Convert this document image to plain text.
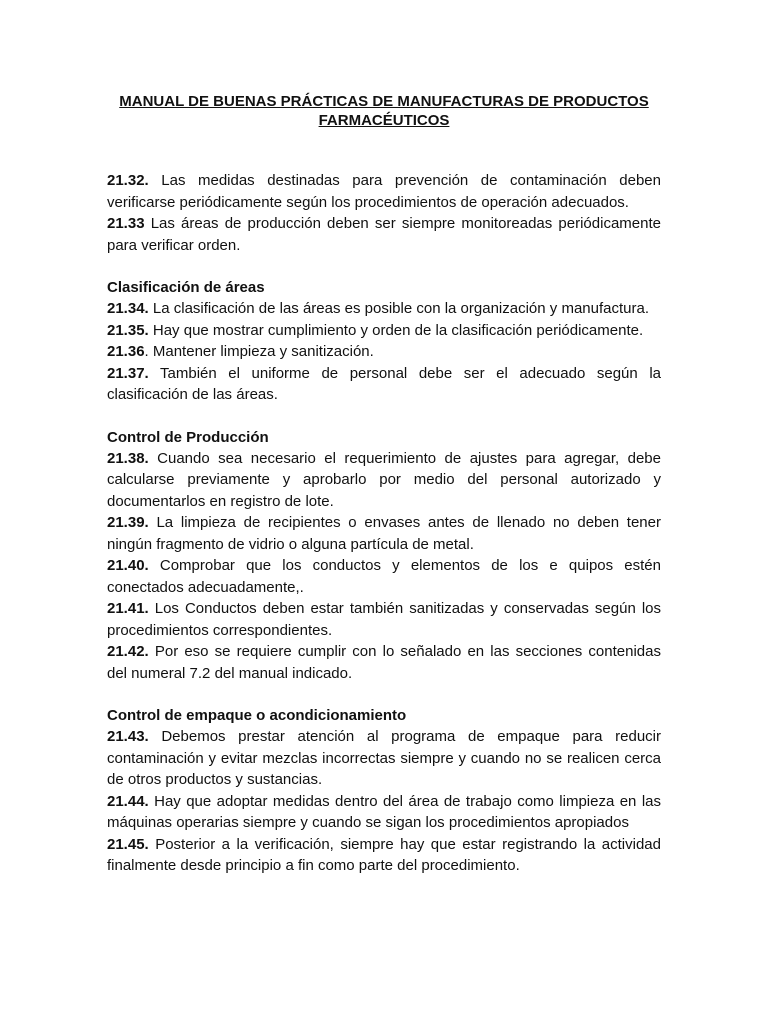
MANUAL DE BUENAS PRÁCTICAS DE MANUFACTURAS DE PRODUCTOS
FARMACÉUTICOS

21.32. Las medidas destinadas para prevención de contaminación deben verificarse periódicamente según los procedimientos de operación adecuados.

21.33 Las áreas de producción deben ser siempre monitoreadas periódicamente para verificar orden.

Clasificación de áreas

21.34. La clasificación de las áreas es posible con la organización y manufactura.

21.35. Hay que mostrar cumplimiento y orden de la clasificación periódicamente.

21.36. Mantener limpieza y sanitización.

21.37. También el uniforme de personal debe ser el adecuado según la clasificación de las áreas.

Control de Producción

21.38. Cuando sea necesario el requerimiento de ajustes para agregar, debe calcularse previamente y aprobarlo por medio del personal autorizado y documentarlos en registro de lote.

21.39. La limpieza de recipientes o envases antes de llenado no deben tener ningún fragmento de vidrio o alguna partícula de metal.

21.40. Comprobar que los conductos y elementos de los e quipos estén conectados adecuadamente,.

21.41. Los Conductos deben estar también sanitizadas y conservadas según los procedimientos correspondientes.

21.42. Por eso se requiere cumplir con lo señalado en las secciones contenidas del numeral 7.2 del manual indicado.

Control de empaque o acondicionamiento

21.43. Debemos prestar atención al programa de empaque para reducir contaminación y evitar mezclas incorrectas siempre y cuando no se realicen cerca de otros productos y sustancias.

21.44. Hay que adoptar medidas dentro del área de trabajo como limpieza en las máquinas operarias siempre y cuando se sigan los procedimientos apropiados

21.45. Posterior a la verificación, siempre hay que estar registrando la actividad finalmente desde principio a fin como parte del procedimiento.
